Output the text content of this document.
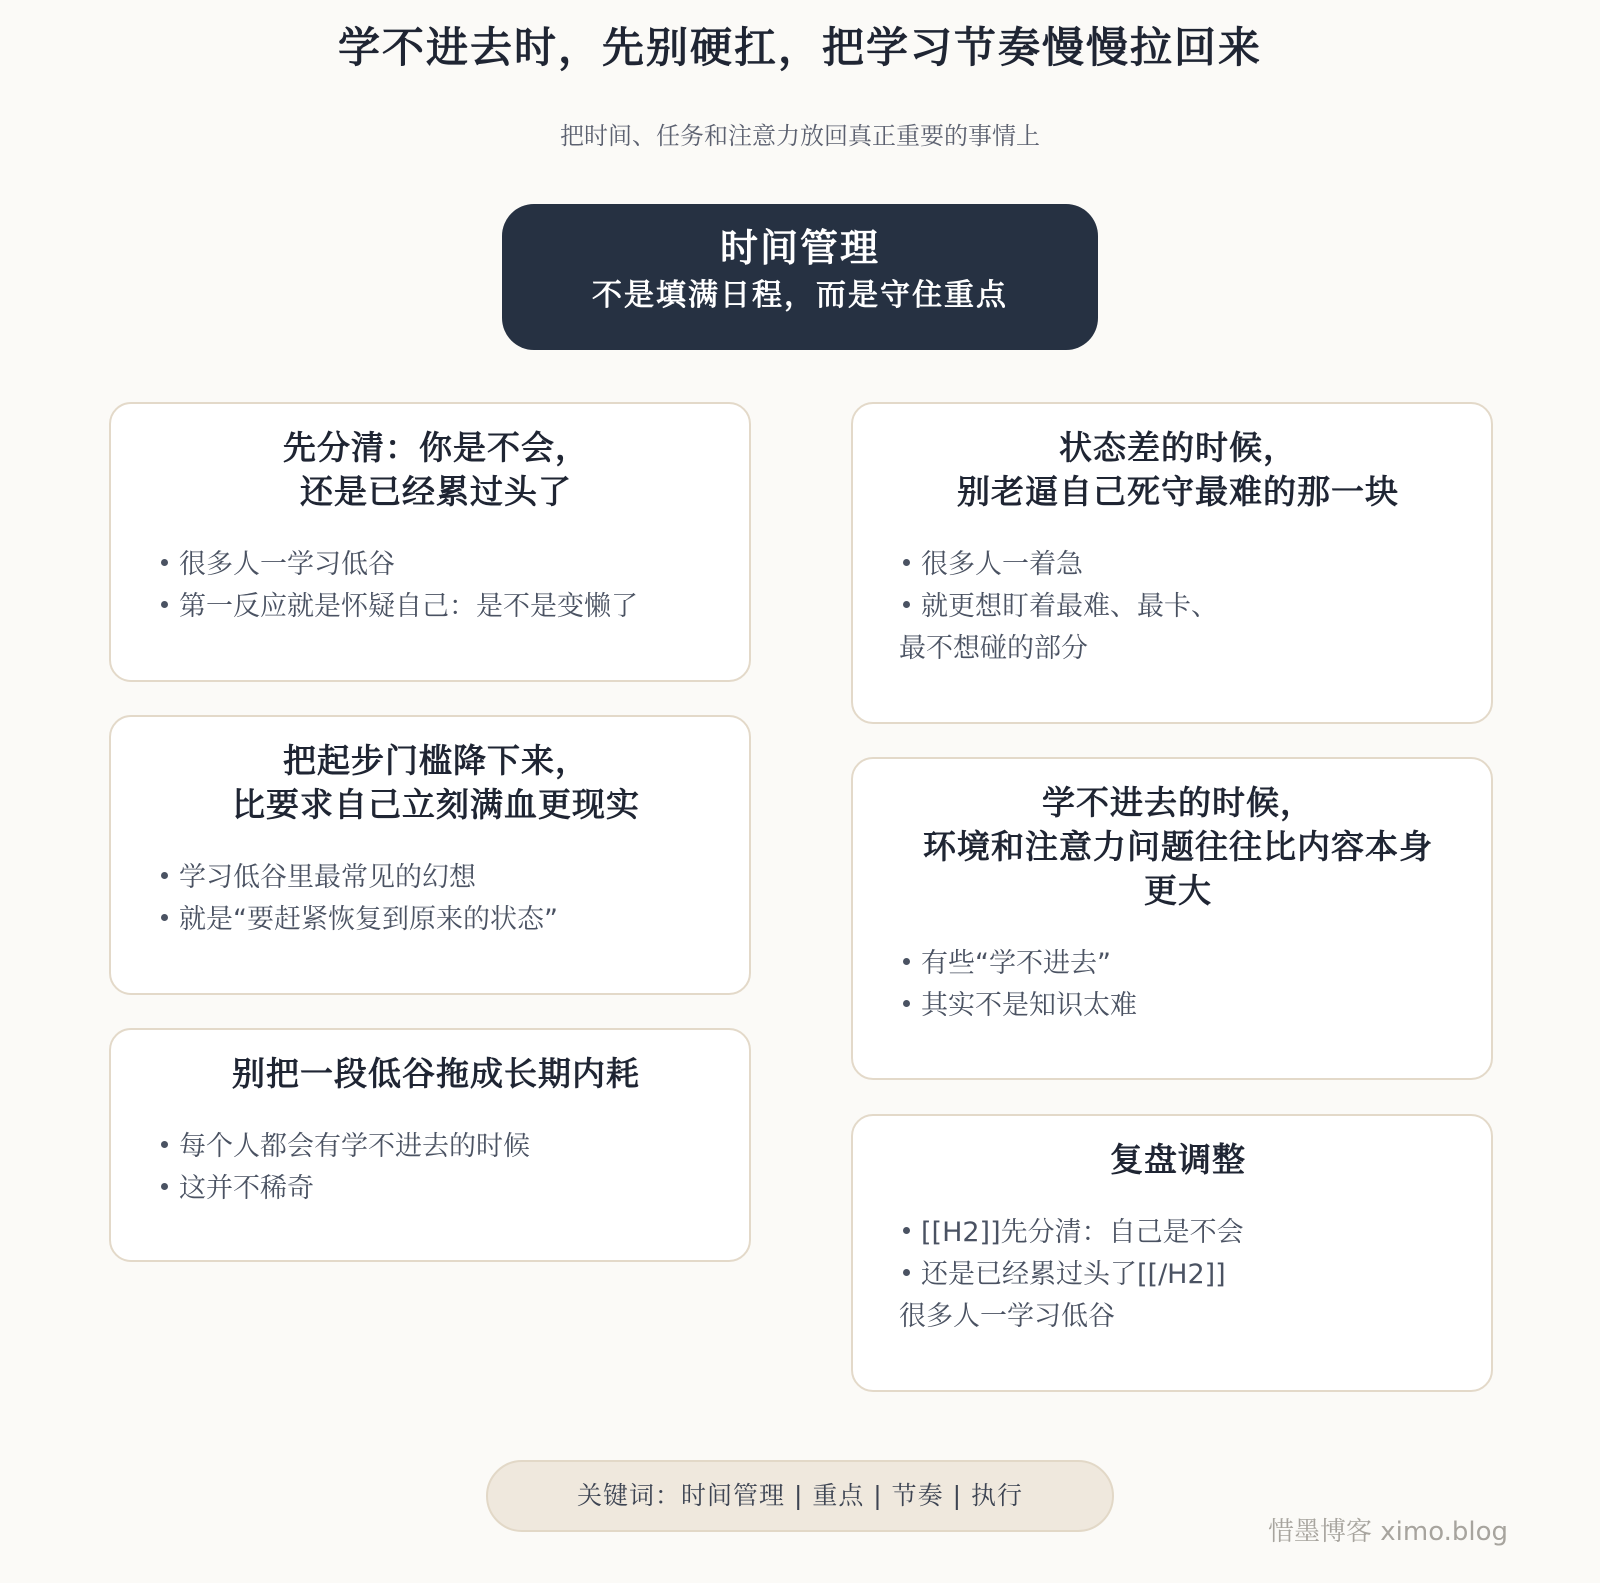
学不进去时，先别硬扛，把学习节奏慢慢拉回来
把时间、任务和注意力放回真正重要的事情上
时间管理
不是填满日程，而是守住重点
先分清：你是不会，
还是已经累过头了
很多人一学习低谷
第一反应就是怀疑自己：是不是变懒了
状态差的时候，
别老逼自己死守最难的那一块
很多人一着急
就更想盯着最难、最卡、
最不想碰的部分
把起步门槛降下来，
比要求自己立刻满血更现实
学习低谷里最常见的幻想
就是“要赶紧恢复到原来的状态”
学不进去的时候，
环境和注意力问题往往比内容本身
更大
有些“学不进去”
其实不是知识太难
别把一段低谷拖成长期内耗
每个人都会有学不进去的时候
这并不稀奇
复盘调整
[[H2]]先分清：自己是不会
还是已经累过头了[[/H2]]
很多人一学习低谷
关键词：时间管理 | 重点 | 节奏 | 执行
惜墨博客 ximo.blog
